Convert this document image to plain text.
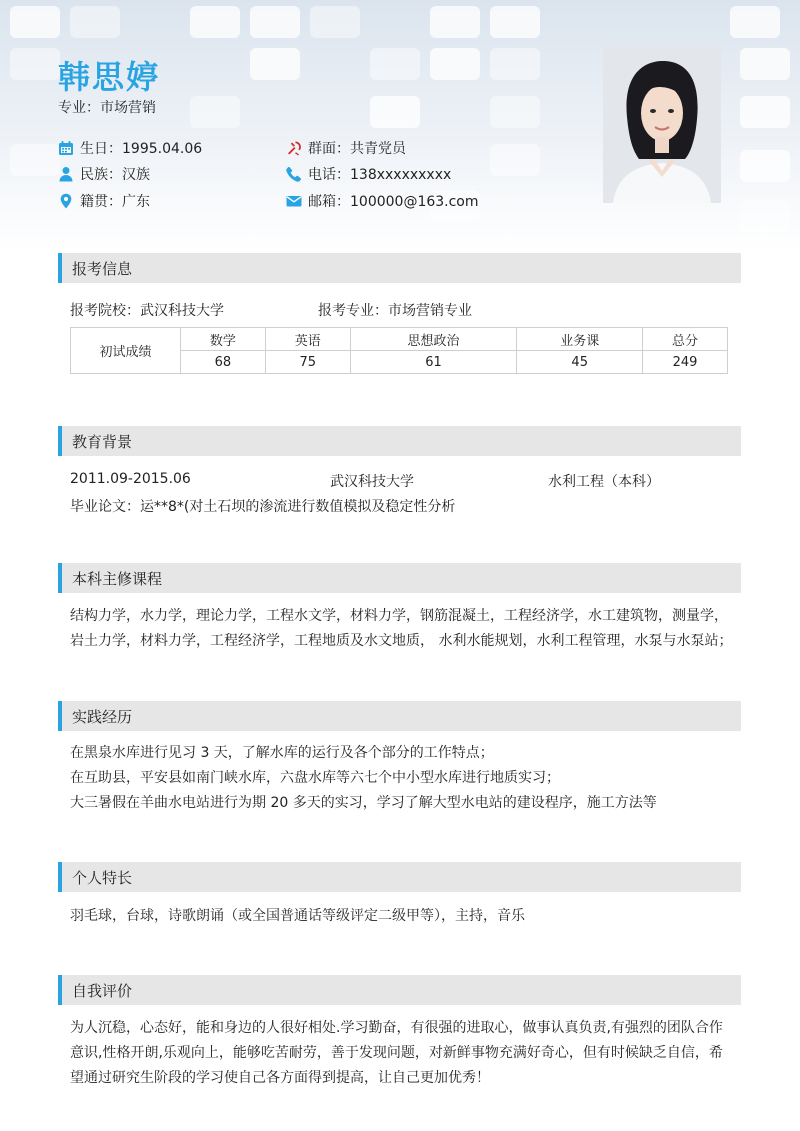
韩思婷
专业：市场营销
生日：1995.04.06
民族：汉族
籍贯：广东
群面：共青党员
电话：138xxxxxxxxx
邮箱：100000@163.com
报考信息
报考院校：武汉科技大学	报考专业：市场营销专业
初试成绩	数学	英语	思想政治	业务课	总分
	68	75	61	45	249
教育背景
2011.09-2015.06	武汉科技大学	水利工程（本科）
毕业论文：运**8*(对土石坝的渗流进行数值模拟及稳定性分析
本科主修课程
结构力学，水力学，理论力学，工程水文学，材料力学，钢筋混凝土，工程经济学，水工建筑物，测量学，
岩土力学，材料力学，工程经济学，工程地质及水文地质， 水利水能规划，水利工程管理，水泵与水泵站；
实践经历
在黑泉水库进行见习 3 天，了解水库的运行及各个部分的工作特点；
在互助县，平安县如南门峡水库，六盘水库等六七个中小型水库进行地质实习；
大三暑假在羊曲水电站进行为期 20 多天的实习，学习了解大型水电站的建设程序，施工方法等
个人特长
羽毛球，台球，诗歌朗诵（或全国普通话等级评定二级甲等），主持，音乐
自我评价
为人沉稳，心态好，能和身边的人很好相处.学习勤奋，有很强的进取心，做事认真负责,有强烈的团队合作
意识,性格开朗,乐观向上，能够吃苦耐劳，善于发现问题，对新鲜事物充满好奇心，但有时候缺乏自信，希
望通过研究生阶段的学习使自己各方面得到提高，让自己更加优秀！
